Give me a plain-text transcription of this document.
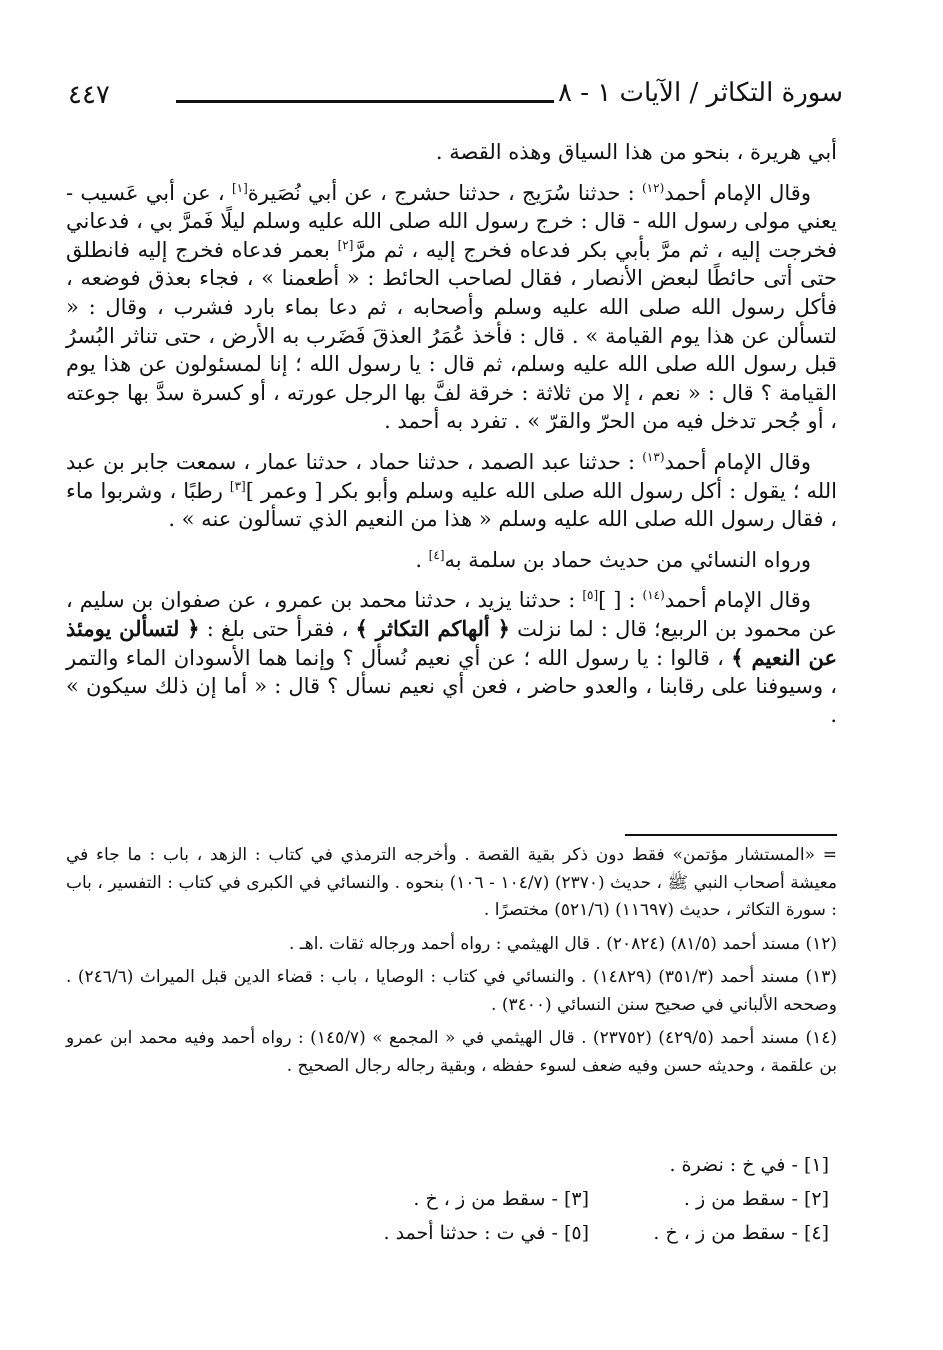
٤٤٧	سورة التكاثر / الآيات ١ - ٨

أبي هريرة ، بنحو من هذا السياق وهذه القصة .

وقال الإمام أحمد$^{(١٢)}$ : حدثنا سُرَيج ، حدثنا حشرج ، عن أبي نُصَيرة[١] ، عن أبي عَسيب - يعني مولى رسول الله - قال : خرج رسول الله صلى الله عليه وسلم ليلًا فَمرَّ بي ، فدعاني فخرجت إليه ، ثم مرَّ بأبي بكر فدعاه فخرج إليه ، ثم مرَّ[٢] بعمر فدعاه فخرج إليه فانطلق حتى أتى حائطًا لبعض الأنصار ، فقال لصاحب الحائط : « أطعمنا » ، فجاء بعذق فوضعه ، فأكل رسول الله صلى الله عليه وسلم وأصحابه ، ثم دعا بماء بارد فشرب ، وقال : « لتسألن عن هذا يوم القيامة » . قال : فأخذ عُمَرُ العذقَ فَضَرب به الأرض ، حتى تناثر البُسرُ قبل رسول الله صلى الله عليه وسلم، ثم قال : يا رسول الله ؛ إنا لمسئولون عن هذا يوم القيامة ؟ قال : « نعم ، إلا من ثلاثة : خرقة لفَّ بها الرجل عورته ، أو كسرة سدَّ بها جوعته ، أو جُحر تدخل فيه من الحرّ والقرّ » . تفرد به أحمد .

وقال الإمام أحمد$^{(١٣)}$ : حدثنا عبد الصمد ، حدثنا حماد ، حدثنا عمار ، سمعت جابر بن عبد الله ؛ يقول : أكل رسول الله صلى الله عليه وسلم وأبو بكر [ وعمر ][٣] رطبًا ، وشربوا ماء ، فقال رسول الله صلى الله عليه وسلم « هذا من النعيم الذي تسألون عنه » .

ورواه النسائي من حديث حماد بن سلمة به[٤] .

وقال الإمام أحمد$^{(١٤)}$ : [ ][٥] : حدثنا يزيد ، حدثنا محمد بن عمرو ، عن صفوان بن سليم ، عن محمود بن الربيع؛ قال : لما نزلت ﴿ ألهاكم التكاثر ﴾ ، فقرأ حتى بلغ : ﴿ لتسألن يومئذ عن النعيم ﴾ ، قالوا : يا رسول الله ؛ عن أي نعيم نُسأل ؟ وإنما هما الأسودان الماء والتمر ، وسيوفنا على رقابنا ، والعدو حاضر ، فعن أي نعيم نسأل ؟ قال : « أما إن ذلك سيكون » .

= «المستشار مؤتمن» فقط دون ذكر بقية القصة . وأخرجه الترمذي في كتاب : الزهد ، باب : ما جاء في معيشة أصحاب النبي ﷺ ، حديث (٢٣٧٠) (١٠٤/٧ - ١٠٦) بنحوه . والنسائي في الكبرى في كتاب : التفسير ، باب : سورة التكاثر ، حديث (١١٦٩٧) (٥٢١/٦) مختصرًا .

(١٢) مسند أحمد (٨١/٥) (٢٠٨٢٤) . قال الهيثمي : رواه أحمد ورجاله ثقات .اهـ .

(١٣) مسند أحمد (٣٥١/٣) (١٤٨٢٩) . والنسائي في كتاب : الوصايا ، باب : قضاء الدين قبل الميراث (٢٤٦/٦) . وصححه الألباني في صحيح سنن النسائي (٣٤٠٠) .

(١٤) مسند أحمد (٤٢٩/٥) (٢٣٧٥٢) . قال الهيثمي في « المجمع » (١٤٥/٧) : رواه أحمد وفيه محمد ابن عمرو بن علقمة ، وحديثه حسن وفيه ضعف لسوء حفظه ، وبقية رجاله رجال الصحيح .

[١] - في خ : نضرة .
[٢] - سقط من ز .
[٣] - سقط من ز ، خ .
[٤] - سقط من ز ، خ .
[٥] - في ت : حدثنا أحمد .
